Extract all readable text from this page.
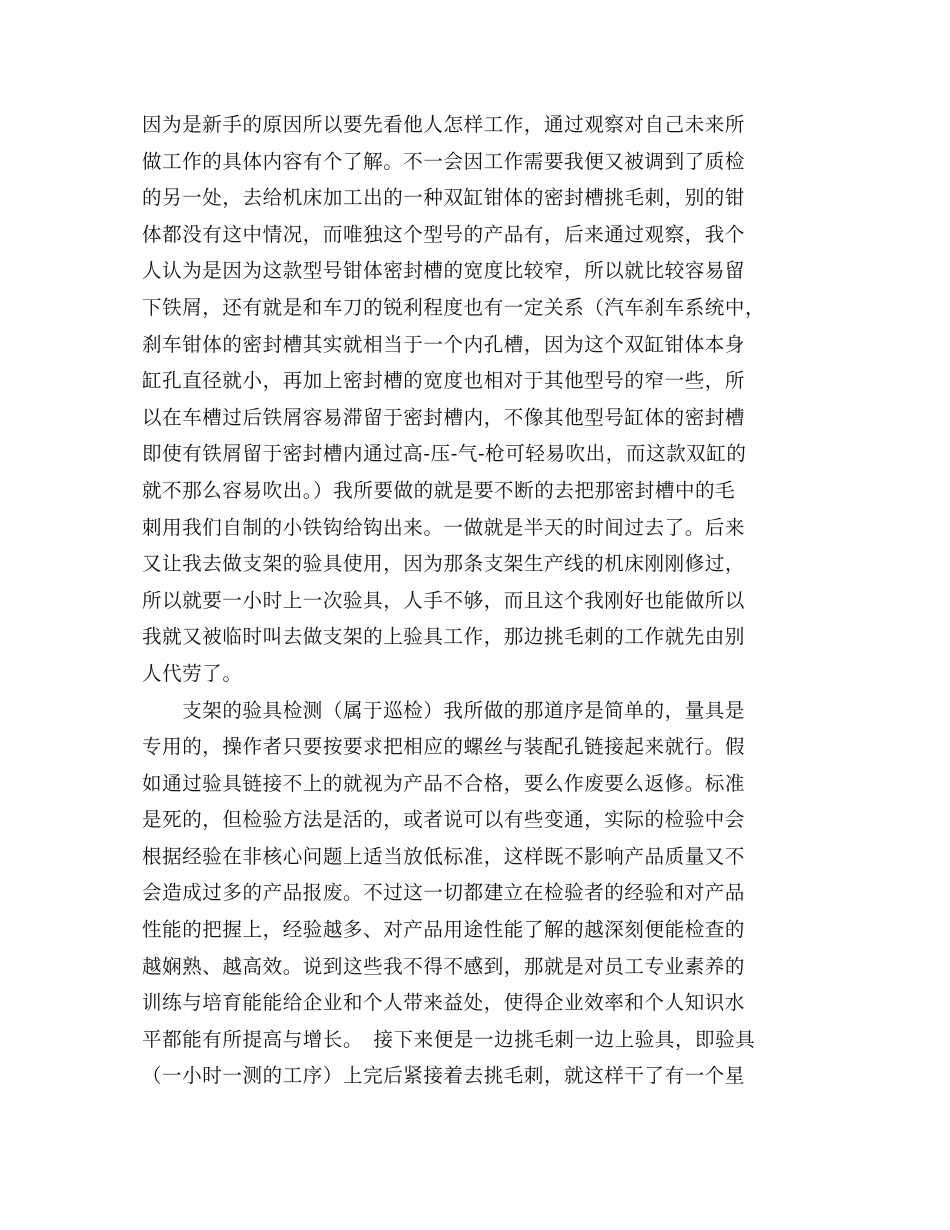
因为是新手的原因所以要先看他人怎样工作，通过观察对自己未来所
做工作的具体内容有个了解。不一会因工作需要我便又被调到了质检
的另一处，去给机床加工出的一种双缸钳体的密封槽挑毛刺，别的钳
体都没有这中情况，而唯独这个型号的产品有，后来通过观察，我个
人认为是因为这款型号钳体密封槽的宽度比较窄，所以就比较容易留
下铁屑，还有就是和车刀的锐利程度也有一定关系（汽车刹车系统中，
刹车钳体的密封槽其实就相当于一个内孔槽，因为这个双缸钳体本身
缸孔直径就小，再加上密封槽的宽度也相对于其他型号的窄一些，所
以在车槽过后铁屑容易滞留于密封槽内，不像其他型号缸体的密封槽
即使有铁屑留于密封槽内通过高-压-气-枪可轻易吹出，而这款双缸的
就不那么容易吹出。）我所要做的就是要不断的去把那密封槽中的毛
刺用我们自制的小铁钩给钩出来。一做就是半天的时间过去了。后来
又让我去做支架的验具使用，因为那条支架生产线的机床刚刚修过，
所以就要一小时上一次验具，人手不够，而且这个我刚好也能做所以
我就又被临时叫去做支架的上验具工作，那边挑毛刺的工作就先由别
人代劳了。
　　支架的验具检测（属于巡检）我所做的那道序是简单的，量具是
专用的，操作者只要按要求把相应的螺丝与装配孔链接起来就行。假
如通过验具链接不上的就视为产品不合格，要么作废要么返修。标准
是死的，但检验方法是活的，或者说可以有些变通，实际的检验中会
根据经验在非核心问题上适当放低标准，这样既不影响产品质量又不
会造成过多的产品报废。不过这一切都建立在检验者的经验和对产品
性能的把握上，经验越多、对产品用途性能了解的越深刻便能检查的
越娴熟、越高效。说到这些我不得不感到，那就是对员工专业素养的
训练与培育能能给企业和个人带来益处，使得企业效率和个人知识水
平都能有所提高与增长。　接下来便是一边挑毛刺一边上验具，即验具
（一小时一测的工序）上完后紧接着去挑毛刺，就这样干了有一个星
